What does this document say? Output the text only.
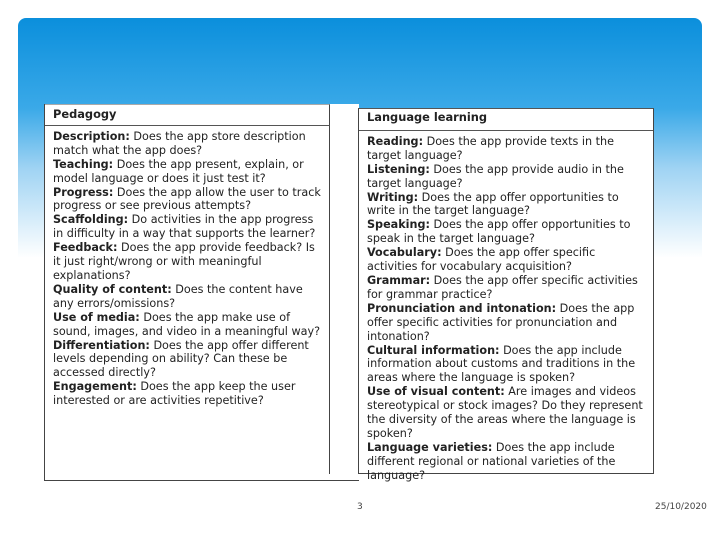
Pedagogy
Description: Does the app store description match what the app does?
Teaching: Does the app present, explain, or model language or does it just test it?
Progress: Does the app allow the user to track progress or see previous attempts?
Scaffolding: Do activities in the app progress in difficulty in a way that supports the learner?
Feedback: Does the app provide feedback? Is it just right/wrong or with meaningful explanations?
Quality of content: Does the content have any errors/omissions?
Use of media: Does the app make use of sound, images, and video in a meaningful way?
Differentiation: Does the app offer different levels depending on ability? Can these be accessed directly?
Engagement: Does the app keep the user interested or are activities repetitive?
Language learning
Reading: Does the app provide texts in the target language?
Listening: Does the app provide audio in the target language?
Writing: Does the app offer opportunities to write in the target language?
Speaking: Does the app offer opportunities to speak in the target language?
Vocabulary: Does the app offer specific activities for vocabulary acquisition?
Grammar: Does the app offer specific activities for grammar practice?
Pronunciation and intonation: Does the app offer specific activities for pronunciation and intonation?
Cultural information: Does the app include information about customs and traditions in the areas where the language is spoken?
Use of visual content: Are images and videos stereotypical or stock images? Do they represent the diversity of the areas where the language is spoken?
Language varieties: Does the app include different regional or national varieties of the language?
3	25/10/2020
